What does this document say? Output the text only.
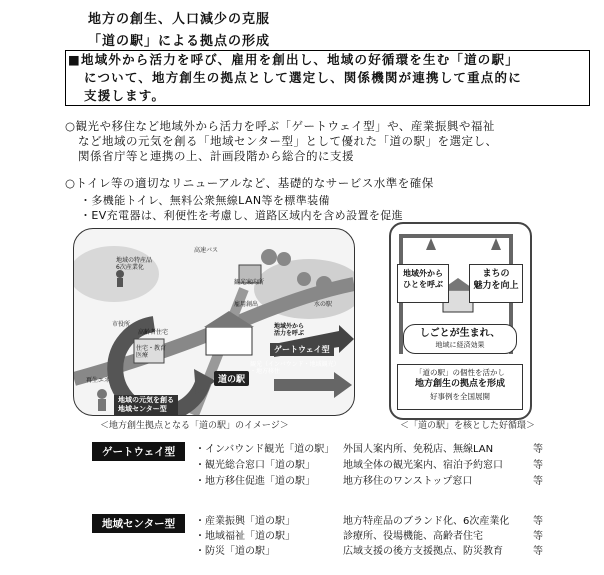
地方の創生、人口減少の克服
「道の駅」による拠点の形成
■地域外から活力を呼び、雇用を創出し、地域の好循環を生む「道の駅」
について、地方創生の拠点として選定し、関係機関が連携して重点的に
支援します。
○観光や移住など地域外から活力を呼ぶ「ゲートウェイ型」や、産業振興や福祉
など地域の元気を創る「地域センター型」として優れた「道の駅」を選定し、
関係省庁等と連携の上、計画段階から総合的に支援
○トイレ等の適切なリニューアルなど、基礎的なサービス水準を確保
・多機能トイレ、無料公衆無線LAN等を標準装備
・EV充電器は、利便性を考慮し、道路区域内を含め設置を促進
高速バス
地域の特産品
6次産業化
観光案内所
雇用創出	水の駅
地域外から
活力を呼ぶ
ゲートウェイ型
道の駅
市役所
高齢者住宅
住宅・教育
医療
再生エネ
観光（インバウンド・地域観光）
・地方移住
地域の元気を創る
地域センター型
＜地方創生拠点となる「道の駅」のイメージ＞
地域外から
ひとを呼ぶ
まちの
魅力を向上
しごとが生まれ、
地域に経済効果
「道の駅」の個性を活かし
地方創生の拠点を形成
好事例を全国展開
＜「道の駅」を核とした好循環＞
ゲートウェイ型	・インバウンド観光「道の駅」 外国人案内所、免税店、無線LAN	等
・観光総合窓口「道の駅」	地域全体の観光案内、宿泊予約窓口	等
・地方移住促進「道の駅」	地方移住のワンストップ窓口	等
地域センター型	・産業振興「道の駅」	地方特産品のブランド化、6次産業化 等
・地域福祉「道の駅」	診療所、役場機能、高齢者住宅	等
・防災「道の駅」	広域支援の後方支援拠点、防災教育	等
